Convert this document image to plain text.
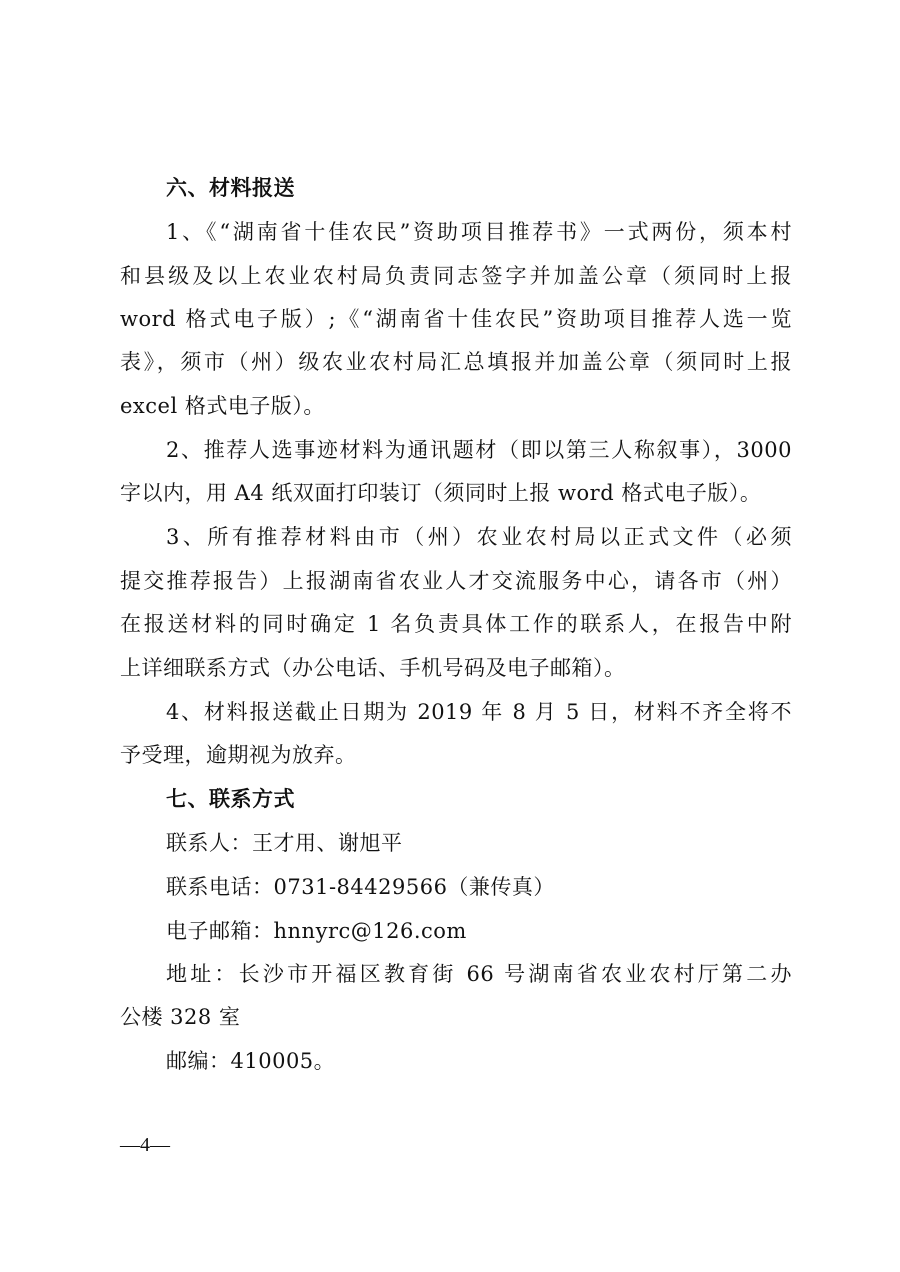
六、材料报送
1、《“湖南省十佳农民”资助项目推荐书》一式两份，须本村
和县级及以上农业农村局负责同志签字并加盖公章（须同时上报
word 格式电子版）;《“湖南省十佳农民”资助项目推荐人选一览
表》，须市（州）级农业农村局汇总填报并加盖公章（须同时上报
excel 格式电子版）。
2、推荐人选事迹材料为通讯题材（即以第三人称叙事），3000
字以内，用 A4 纸双面打印装订（须同时上报 word 格式电子版）。
3、所有推荐材料由市（州）农业农村局以正式文件（必须
提交推荐报告）上报湖南省农业人才交流服务中心，请各市（州）
在报送材料的同时确定 1 名负责具体工作的联系人，在报告中附
上详细联系方式（办公电话、手机号码及电子邮箱）。
4、材料报送截止日期为 2019 年 8 月 5 日，材料不齐全将不
予受理，逾期视为放弃。
七、联系方式
联系人：王才用、谢旭平
联系电话：0731-84429566（兼传真）
电子邮箱：hnnyrc@126.com
地址：长沙市开福区教育街 66 号湖南省农业农村厅第二办
公楼 328 室
邮编：410005。
—4—
